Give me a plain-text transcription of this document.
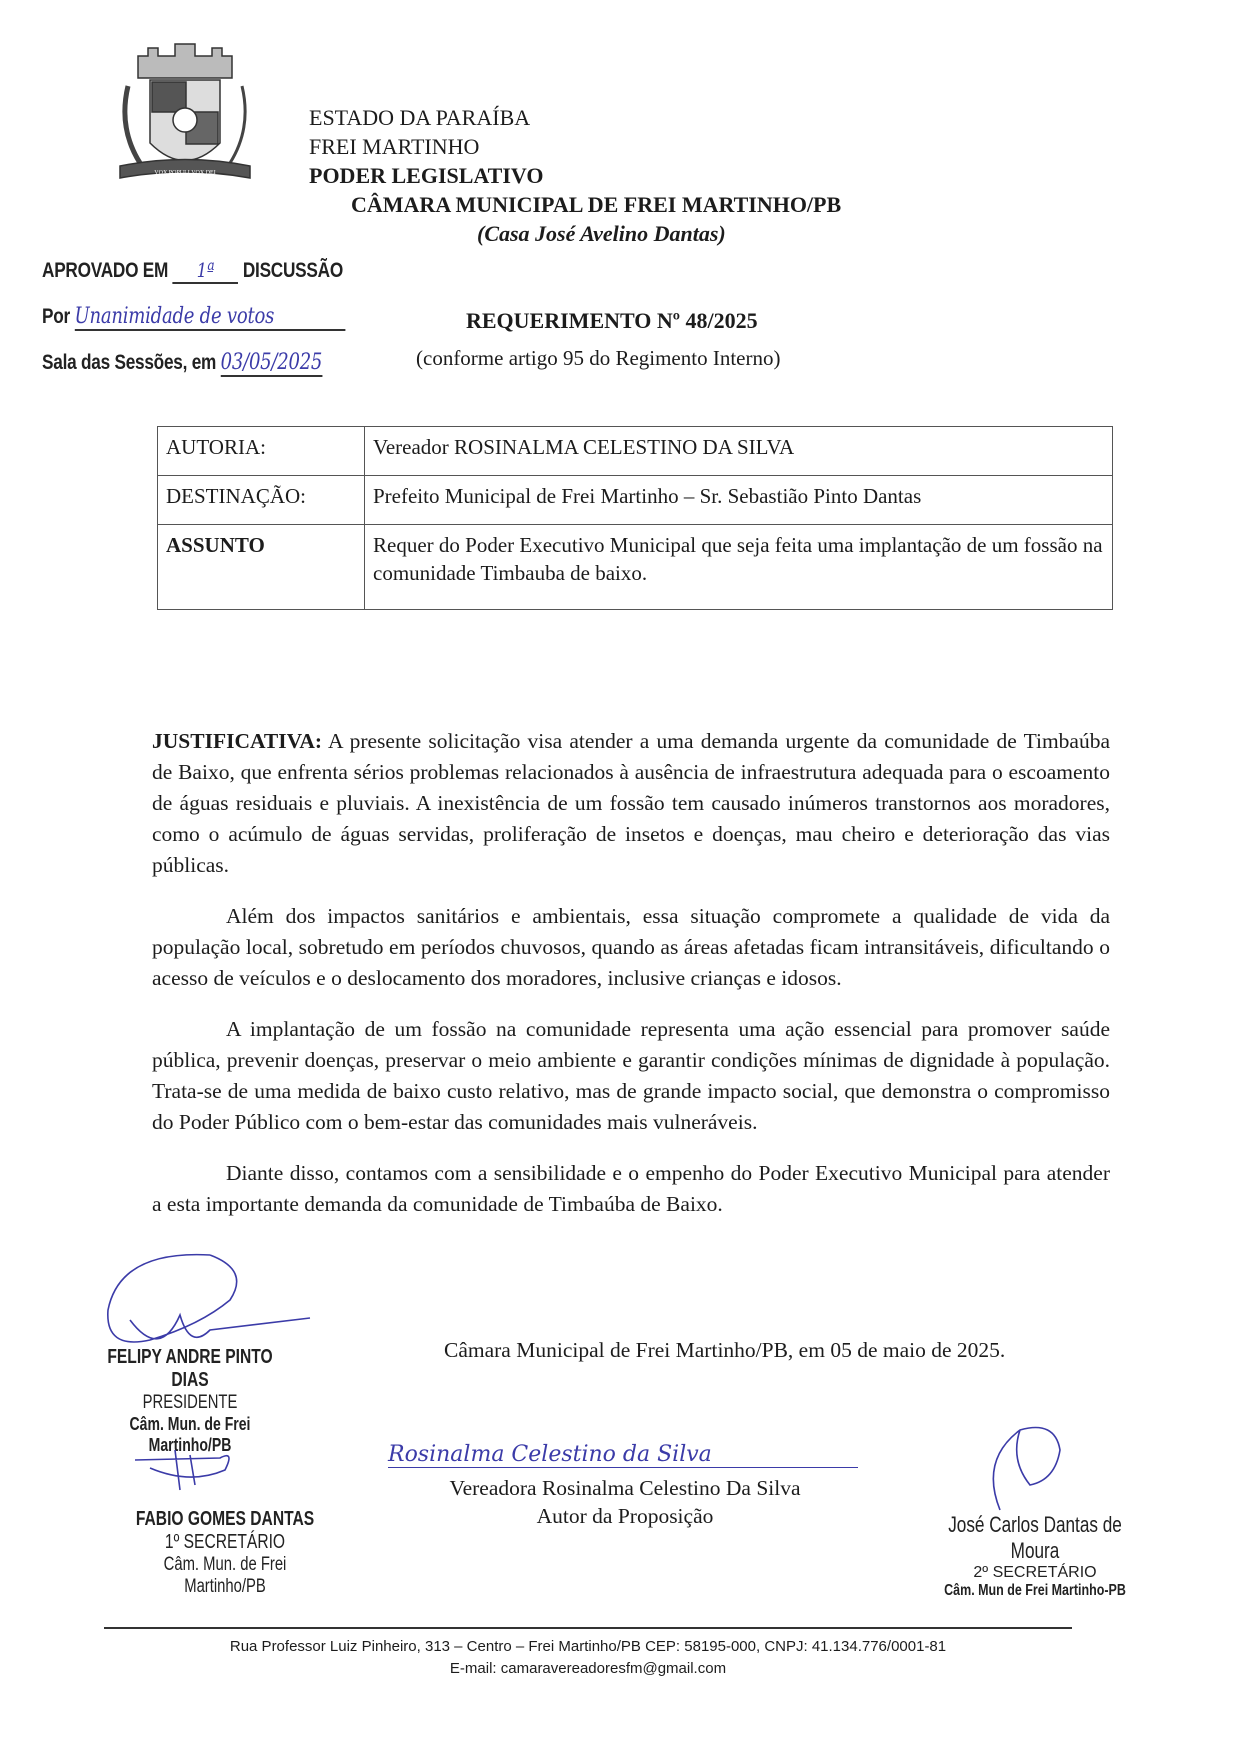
VOX POPULI VOX DEI
ESTADO DA PARAÍBA
FREI MARTINHO
PODER LEGISLATIVO
CÂMARA MUNICIPAL DE FREI MARTINHO/PB
(Casa José Avelino Dantas)
APROVADO EM 1ª DISCUSSÃO
Por Unanimidade de votos
Sala das Sessões, em 03/05/2025
REQUERIMENTO Nº 48/2025
(conforme artigo 95 do Regimento Interno)
AUTORIA:	Vereador ROSINALMA CELESTINO DA SILVA
DESTINAÇÃO:	Prefeito Municipal de Frei Martinho – Sr. Sebastião Pinto Dantas
ASSUNTO	Requer do Poder Executivo Municipal que seja feita uma implantação de um fossão na comunidade Timbauba de baixo.

JUSTIFICATIVA: A presente solicitação visa atender a uma demanda urgente da comunidade de Timbaúba de Baixo, que enfrenta sérios problemas relacionados à ausência de infraestrutura adequada para o escoamento de águas residuais e pluviais. A inexistência de um fossão tem causado inúmeros transtornos aos moradores, como o acúmulo de águas servidas, proliferação de insetos e doenças, mau cheiro e deterioração das vias públicas.

Além dos impactos sanitários e ambientais, essa situação compromete a qualidade de vida da população local, sobretudo em períodos chuvosos, quando as áreas afetadas ficam intransitáveis, dificultando o acesso de veículos e o deslocamento dos moradores, inclusive crianças e idosos.

A implantação de um fossão na comunidade representa uma ação essencial para promover saúde pública, prevenir doenças, preservar o meio ambiente e garantir condições mínimas de dignidade à população. Trata-se de uma medida de baixo custo relativo, mas de grande impacto social, que demonstra o compromisso do Poder Público com o bem-estar das comunidades mais vulneráveis.

Diante disso, contamos com a sensibilidade e o empenho do Poder Executivo Municipal para atender a esta importante demanda da comunidade de Timbaúba de Baixo.

Câmara Municipal de Frei Martinho/PB, em 05 de maio de 2025.
FELIPY ANDRE PINTO DIAS
PRESIDENTE
Câm. Mun. de Frei Martinho/PB	Rosinalma Celestino da Silva
Vereadora Rosinalma Celestino Da Silva
Autor da Proposição
FABIO GOMES DANTAS
1º SECRETÁRIO
Câm. Mun. de Frei Martinho/PB
José Carlos Dantas de Moura
2º SECRETÁRIO
Câm. Mun de Frei Martinho-PB
Rua Professor Luiz Pinheiro, 313 – Centro – Frei Martinho/PB CEP: 58195-000, CNPJ: 41.134.776/0001-81
E-mail: camaravereadoresfm@gmail.com
